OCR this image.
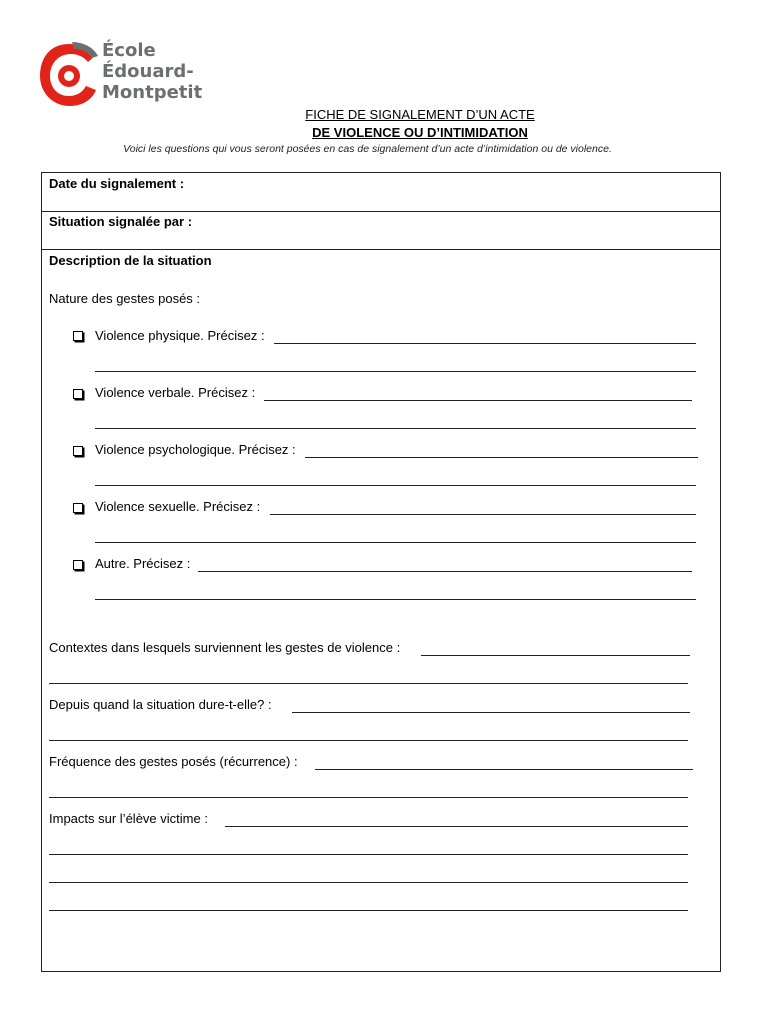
École
Édouard-
Montpetit
FICHE DE SIGNALEMENT D’UN ACTE
DE VIOLENCE OU D’INTIMIDATION
Voici les questions qui vous seront posées en cas de signalement d’un acte d’intimidation ou de violence.
Date du signalement :
Situation signalée par :
Description de la situation
Nature des gestes posés :
Violence physique. Précisez :
Violence verbale. Précisez :
Violence psychologique. Précisez :
Violence sexuelle. Précisez :
Autre. Précisez :
Contextes dans lesquels surviennent les gestes de violence :
Depuis quand la situation dure-t-elle? :
Fréquence des gestes posés (récurrence) :
Impacts sur l’élève victime :
